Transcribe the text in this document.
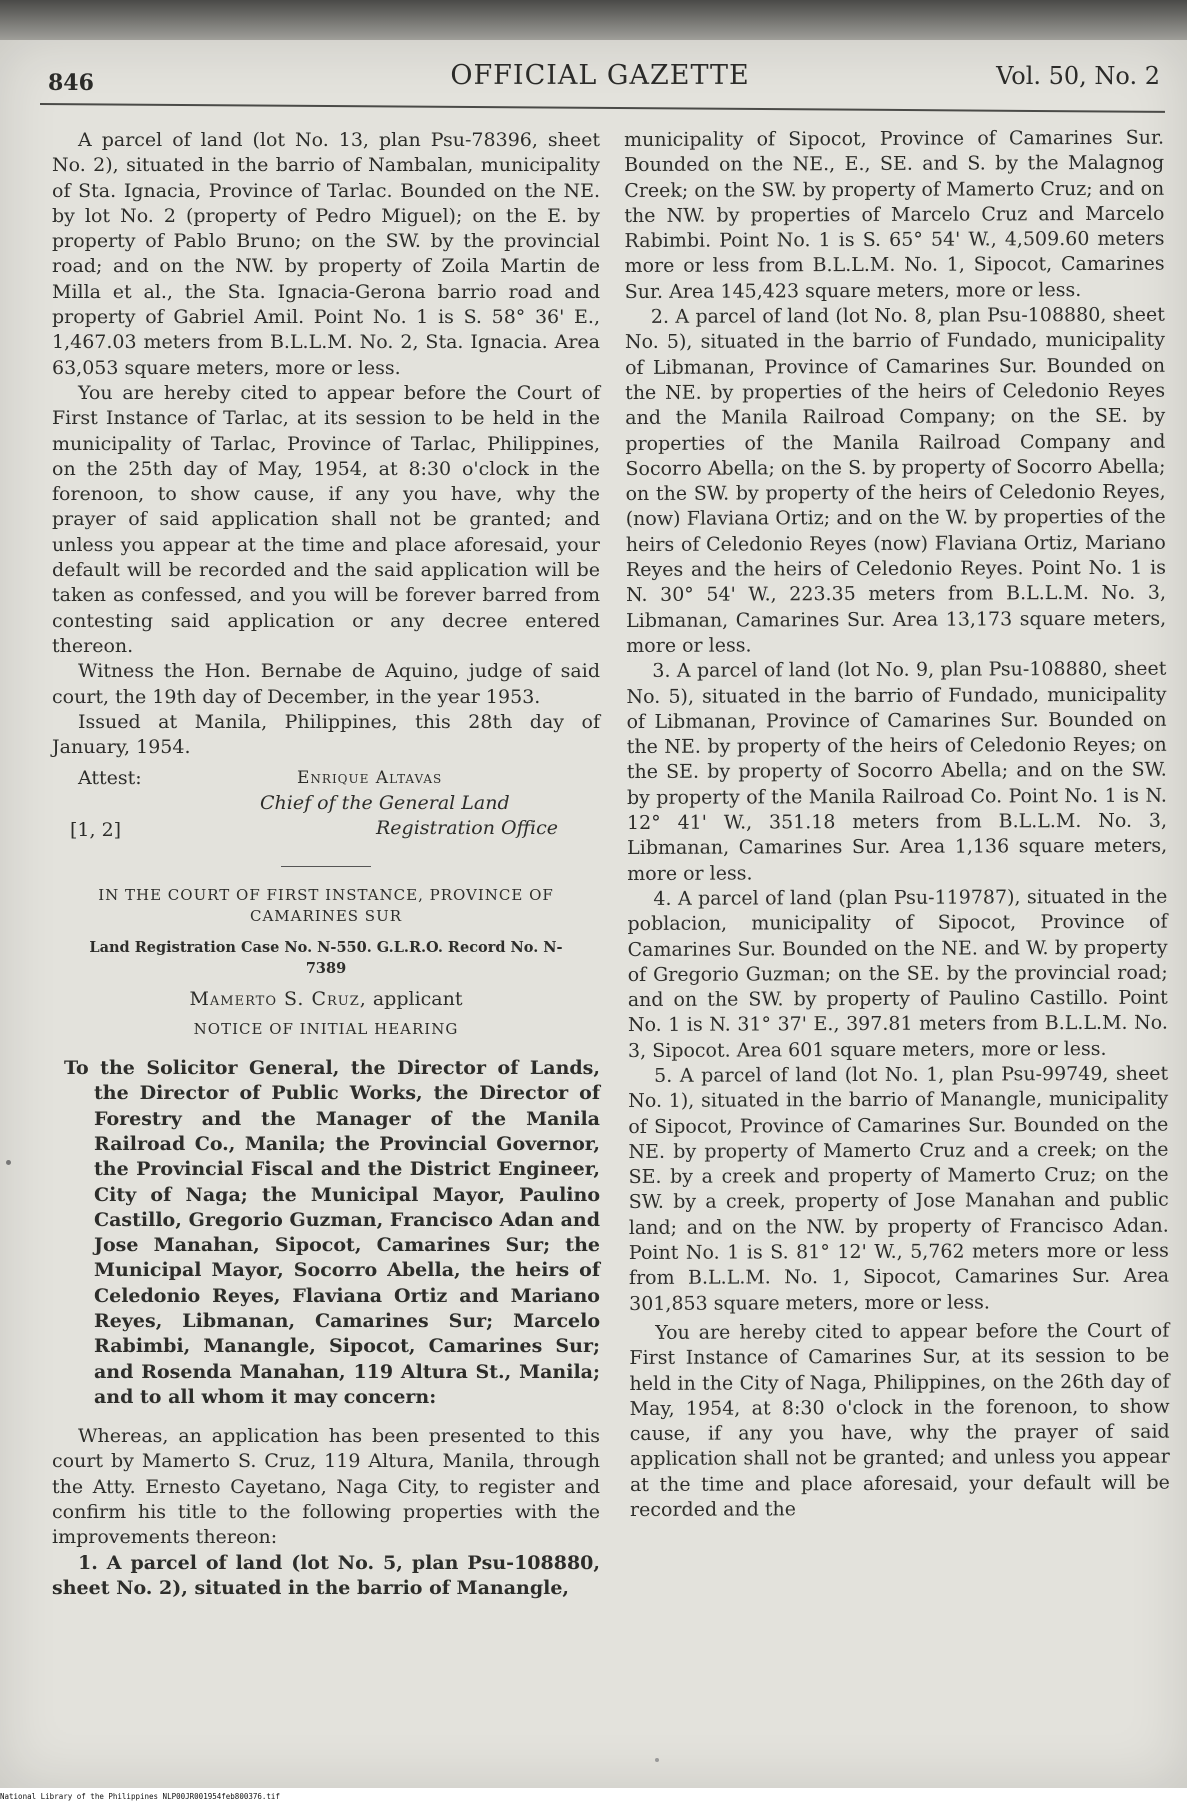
846	OFFICIAL GAZETTE	Vol. 50, No. 2

A parcel of land (lot No. 13, plan Psu-78396, sheet No. 2), situated in the barrio of Nambalan, municipality of Sta. Ignacia, Province of Tarlac. Bounded on the NE. by lot No. 2 (property of Pedro Miguel); on the E. by property of Pablo Bruno; on the SW. by the provincial road; and on the NW. by property of Zoila Martin de Milla et al., the Sta. Ignacia-Gerona barrio road and property of Gabriel Amil. Point No. 1 is S. 58° 36' E., 1,467.03 meters from B.L.L.M. No. 2, Sta. Ignacia. Area 63,053 square meters, more or less.

You are hereby cited to appear before the Court of First Instance of Tarlac, at its session to be held in the municipality of Tarlac, Province of Tarlac, Philippines, on the 25th day of May, 1954, at 8:30 o'clock in the forenoon, to show cause, if any you have, why the prayer of said application shall not be granted; and unless you appear at the time and place aforesaid, your default will be recorded and the said application will be taken as confessed, and you will be forever barred from contesting said application or any decree entered thereon.

Witness the Hon. Bernabe de Aquino, judge of said court, the 19th day of December, in the year 1953.

Issued at Manila, Philippines, this 28th day of January, 1954.

Attest:	Enrique Altavas
Chief of the General Land
[1, 2]	Registration Office
IN THE COURT OF FIRST INSTANCE, PROVINCE OF CAMARINES SUR
Land Registration Case No. N-550. G.L.R.O. Record No. N-7389
Mamerto S. Cruz, applicant
NOTICE OF INITIAL HEARING

To the Solicitor General, the Director of Lands, the Director of Public Works, the Director of Forestry and the Manager of the Manila Railroad Co., Manila; the Provincial Governor, the Provincial Fiscal and the District Engineer, City of Naga; the Municipal Mayor, Paulino Castillo, Gregorio Guzman, Francisco Adan and Jose Manahan, Sipocot, Camarines Sur; the Municipal Mayor, Socorro Abella, the heirs of Celedonio Reyes, Flaviana Ortiz and Mariano Reyes, Libmanan, Camarines Sur; Marcelo Rabimbi, Manangle, Sipocot, Camarines Sur; and Rosenda Manahan, 119 Altura St., Manila; and to all whom it may concern:

Whereas, an application has been presented to this court by Mamerto S. Cruz, 119 Altura, Manila, through the Atty. Ernesto Cayetano, Naga City, to register and confirm his title to the following properties with the improvements thereon:

1. A parcel of land (lot No. 5, plan Psu-108880, sheet No. 2), situated in the barrio of Manangle,

municipality of Sipocot, Province of Camarines Sur. Bounded on the NE., E., SE. and S. by the Malagnog Creek; on the SW. by property of Mamerto Cruz; and on the NW. by properties of Marcelo Cruz and Marcelo Rabimbi. Point No. 1 is S. 65° 54' W., 4,509.60 meters more or less from B.L.L.M. No. 1, Sipocot, Camarines Sur. Area 145,423 square meters, more or less.

2. A parcel of land (lot No. 8, plan Psu-108880, sheet No. 5), situated in the barrio of Fundado, municipality of Libmanan, Province of Camarines Sur. Bounded on the NE. by properties of the heirs of Celedonio Reyes and the Manila Railroad Company; on the SE. by properties of the Manila Railroad Company and Socorro Abella; on the S. by property of Socorro Abella; on the SW. by property of the heirs of Celedonio Reyes, (now) Flaviana Ortiz; and on the W. by properties of the heirs of Celedonio Reyes (now) Flaviana Ortiz, Mariano Reyes and the heirs of Celedonio Reyes. Point No. 1 is N. 30° 54' W., 223.35 meters from B.L.L.M. No. 3, Libmanan, Camarines Sur. Area 13,173 square meters, more or less.

3. A parcel of land (lot No. 9, plan Psu-108880, sheet No. 5), situated in the barrio of Fundado, municipality of Libmanan, Province of Camarines Sur. Bounded on the NE. by property of the heirs of Celedonio Reyes; on the SE. by property of Socorro Abella; and on the SW. by property of the Manila Railroad Co. Point No. 1 is N. 12° 41' W., 351.18 meters from B.L.L.M. No. 3, Libmanan, Camarines Sur. Area 1,136 square meters, more or less.

4. A parcel of land (plan Psu-119787), situated in the poblacion, municipality of Sipocot, Province of Camarines Sur. Bounded on the NE. and W. by property of Gregorio Guzman; on the SE. by the provincial road; and on the SW. by property of Paulino Castillo. Point No. 1 is N. 31° 37' E., 397.81 meters from B.L.L.M. No. 3, Sipocot. Area 601 square meters, more or less.

5. A parcel of land (lot No. 1, plan Psu-99749, sheet No. 1), situated in the barrio of Manangle, municipality of Sipocot, Province of Camarines Sur. Bounded on the NE. by property of Mamerto Cruz and a creek; on the SE. by a creek and property of Mamerto Cruz; on the SW. by a creek, property of Jose Manahan and public land; and on the NW. by property of Francisco Adan. Point No. 1 is S. 81° 12' W., 5,762 meters more or less from B.L.L.M. No. 1, Sipocot, Camarines Sur. Area 301,853 square meters, more or less.

You are hereby cited to appear before the Court of First Instance of Camarines Sur, at its session to be held in the City of Naga, Philippines, on the 26th day of May, 1954, at 8:30 o'clock in the forenoon, to show cause, if any you have, why the prayer of said application shall not be granted; and unless you appear at the time and place aforesaid, your default will be recorded and the

National Library of the Philippines NLP00JR001954feb800376.tif
